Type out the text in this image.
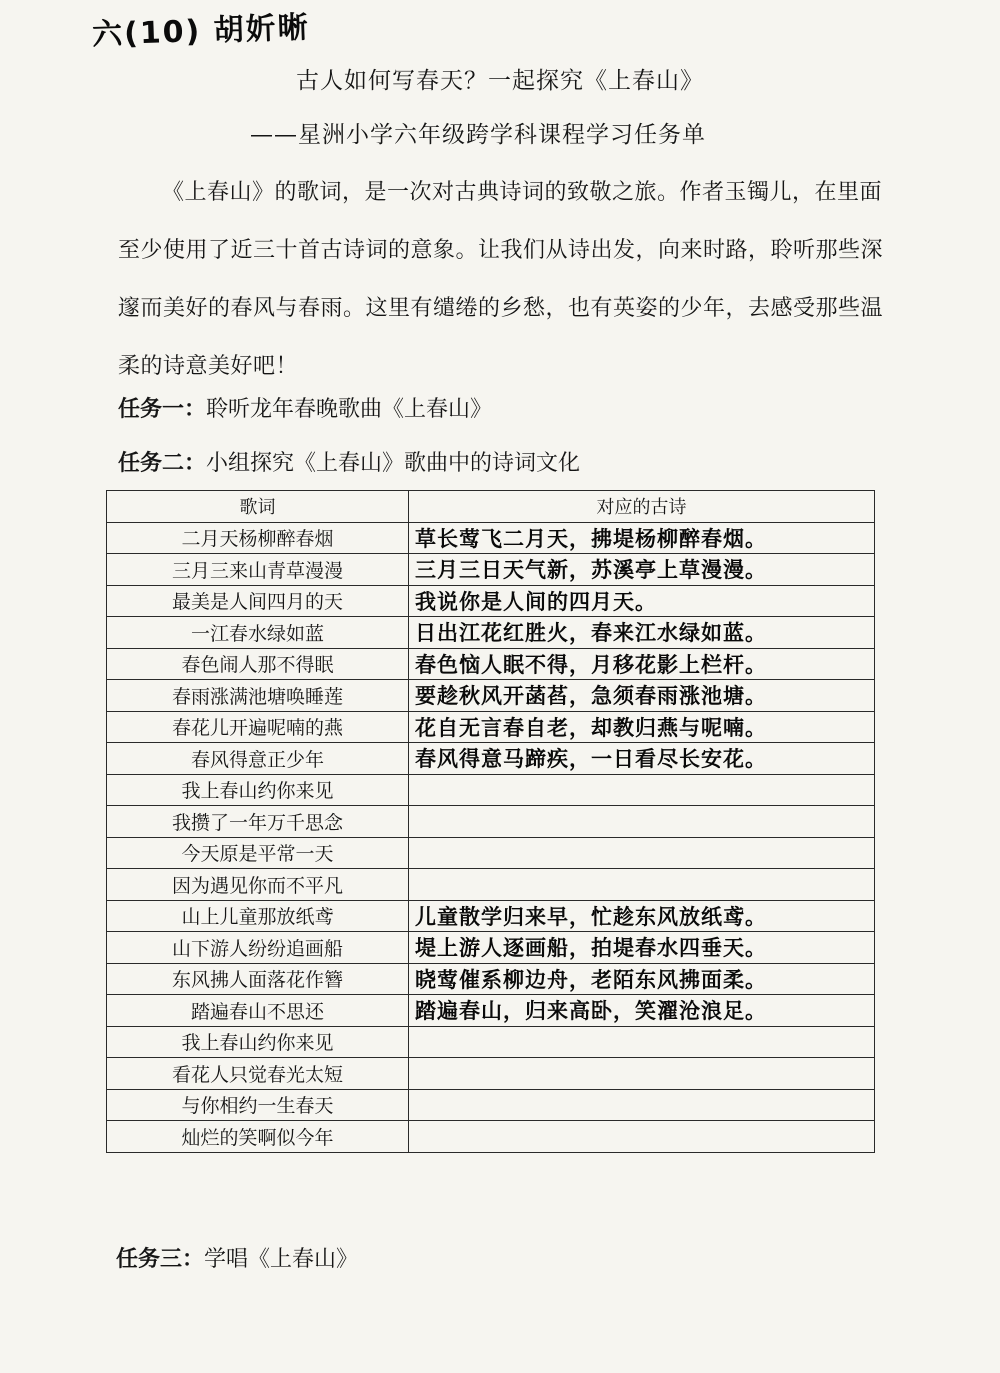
六(10) 胡妡晰
古人如何写春天？一起探究《上春山》
——星洲小学六年级跨学科课程学习任务单

《上春山》的歌词，是一次对古典诗词的致敬之旅。作者玉镯儿，在里面至少使用了近三十首古诗词的意象。让我们从诗出发，向来时路，聆听那些深邃而美好的春风与春雨。这里有缱绻的乡愁，也有英姿的少年，去感受那些温柔的诗意美好吧！

任务一：聆听龙年春晚歌曲《上春山》
任务二：小组探究《上春山》歌曲中的诗词文化
歌词	对应的古诗
二月天杨柳醉春烟	草长莺飞二月天，拂堤杨柳醉春烟。
三月三来山青草漫漫	三月三日天气新，苏溪亭上草漫漫。
最美是人间四月的天	我说你是人间的四月天。
一江春水绿如蓝	日出江花红胜火，春来江水绿如蓝。
春色闹人那不得眠	春色恼人眠不得，月移花影上栏杆。
春雨涨满池塘唤睡莲	要趁秋风开菡萏，急须春雨涨池塘。
春花儿开遍呢喃的燕	花自无言春自老，却教归燕与呢喃。
春风得意正少年	春风得意马蹄疾，一日看尽长安花。
我上春山约你来见	
我攒了一年万千思念	
今天原是平常一天	
因为遇见你而不平凡	
山上儿童那放纸鸢	儿童散学归来早，忙趁东风放纸鸢。
山下游人纷纷追画船	堤上游人逐画船，拍堤春水四垂天。
东风拂人面落花作簪	晓莺催系柳边舟，老陌东风拂面柔。
踏遍春山不思还	踏遍春山，归来高卧，笑濯沧浪足。
我上春山约你来见	
看花人只觉春光太短	
与你相约一生春天	
灿烂的笑啊似今年	
任务三：学唱《上春山》
